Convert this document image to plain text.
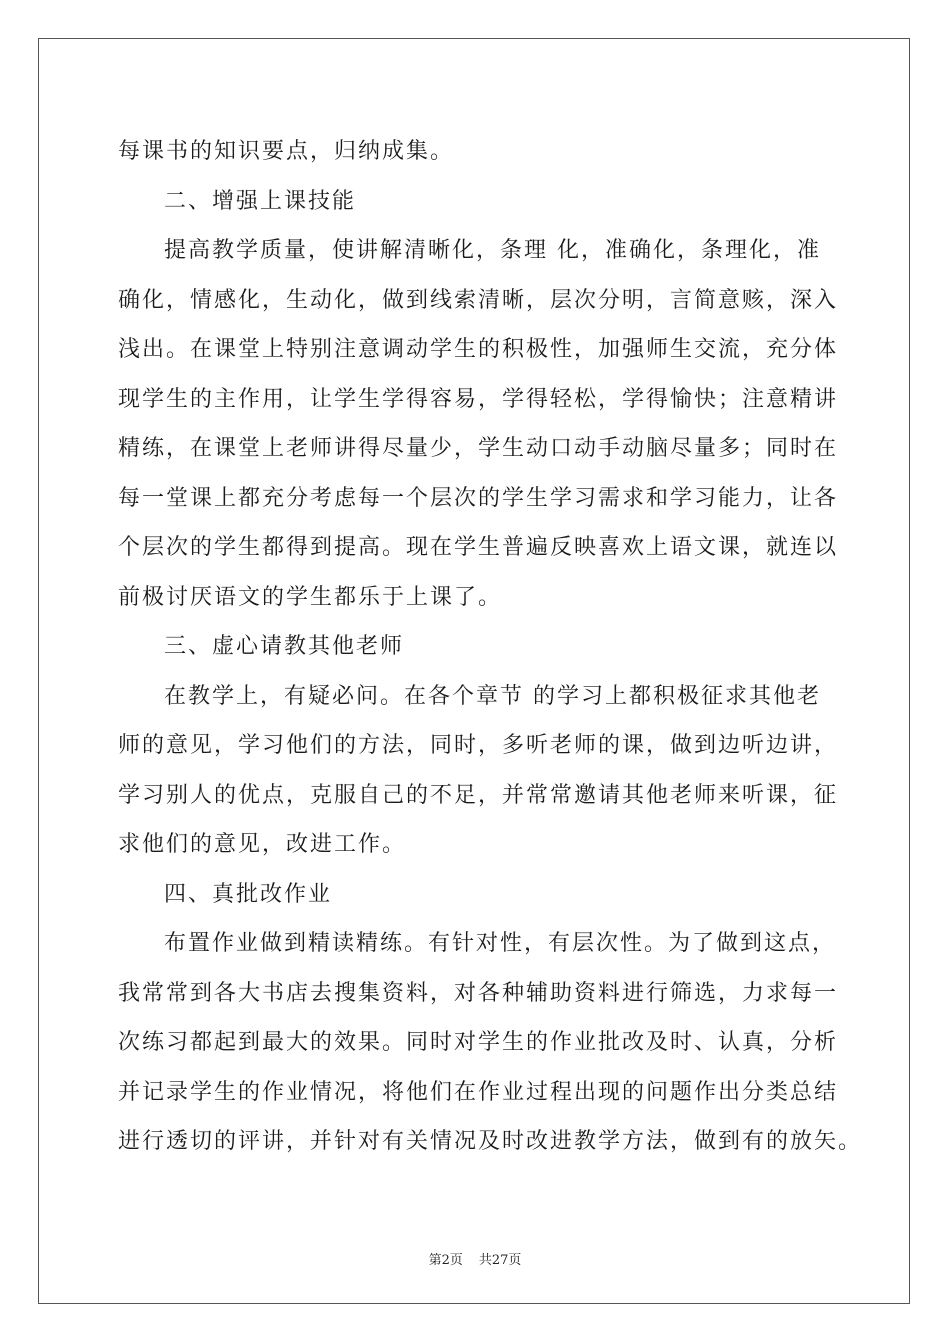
每课书的知识要点，归纳成集。
二、增强上课技能
提高教学质量，使讲解清晰化，条理 化，准确化，条理化，准
确化，情感化，生动化，做到线索清晰，层次分明，言简意赅，深入
浅出。在课堂上特别注意调动学生的积极性，加强师生交流，充分体
现学生的主作用，让学生学得容易，学得轻松，学得愉快；注意精讲
精练，在课堂上老师讲得尽量少，学生动口动手动脑尽量多；同时在
每一堂课上都充分考虑每一个层次的学生学习需求和学习能力，让各
个层次的学生都得到提高。现在学生普遍反映喜欢上语文课，就连以
前极讨厌语文的学生都乐于上课了。
三、虚心请教其他老师
在教学上，有疑必问。在各个章节 的学习上都积极征求其他老
师的意见，学习他们的方法，同时，多听老师的课，做到边听边讲，
学习别人的优点，克服自己的不足，并常常邀请其他老师来听课，征
求他们的意见，改进工作。
四、真批改作业
布置作业做到精读精练。有针对性，有层次性。为了做到这点，
我常常到各大书店去搜集资料，对各种辅助资料进行筛选，力求每一
次练习都起到最大的效果。同时对学生的作业批改及时、认真，分析
并记录学生的作业情况，将他们在作业过程出现的问题作出分类总结
进行透切的评讲，并针对有关情况及时改进教学方法，做到有的放矢。
第2页 共27页
